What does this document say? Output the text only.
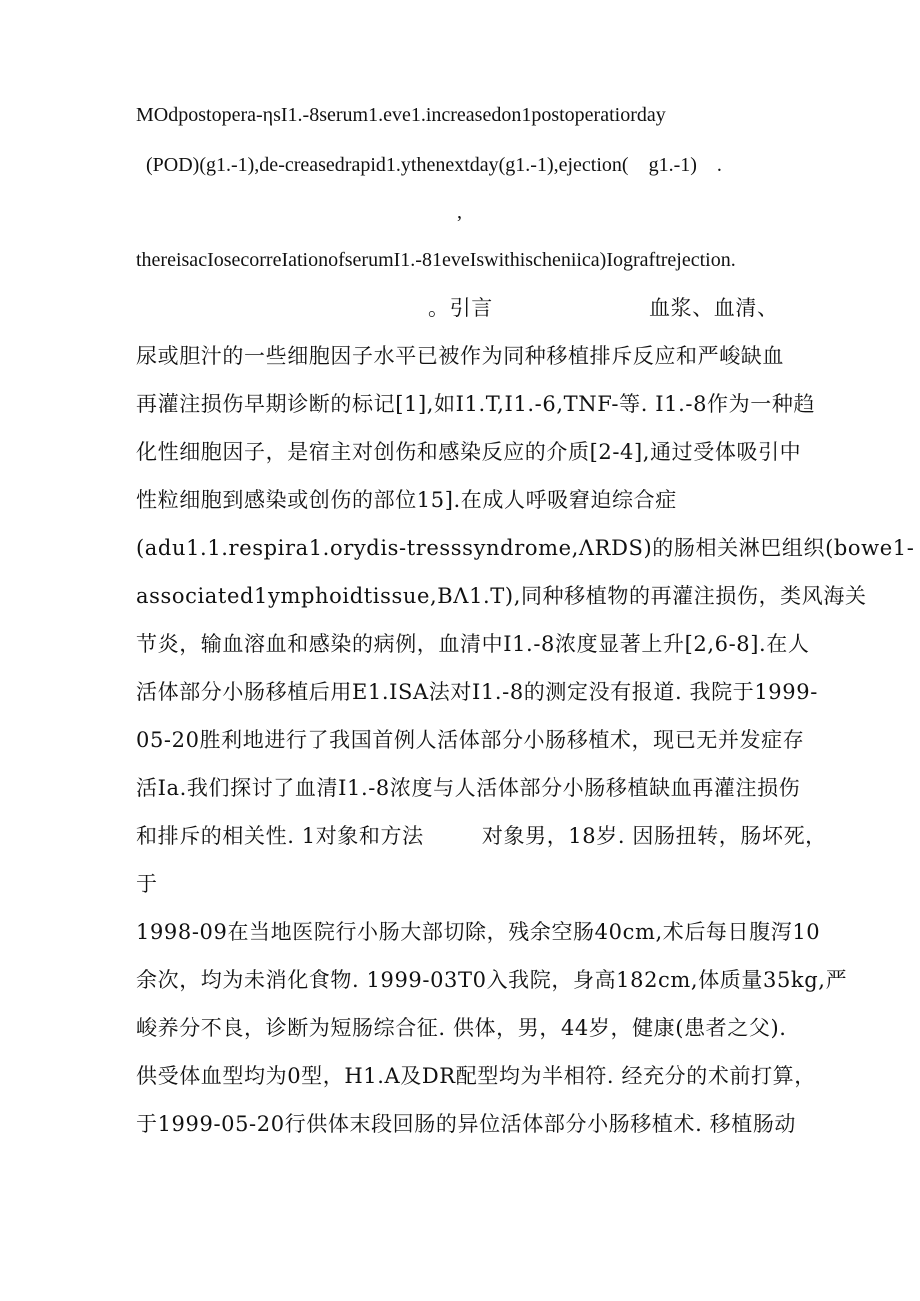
MOdpostopera-ηsI1.-8serum1.eve1.increasedon1postoperatiorday
(POD)(g1.-1),de-creasedrapid1.ythenextday(g1.-1),ejection(    g1.-1)    .
,
thereisacIosecorreIationofserumI1.-81eveIswithischeniica)Iograftrejection.
。引言	血浆、血清、
尿或胆汁的一些细胞因子水平已被作为同种移植排斥反应和严峻缺血
再灌注损伤早期诊断的标记[1],如I1.T,I1.-6,TNF-等. I1.-8作为一种趋
化性细胞因子，是宿主对创伤和感染反应的介质[2-4],通过受体吸引中
性粒细胞到感染或创伤的部位15].在成人呼吸窘迫综合症
(adu1.1.respira1.orydis-tresssyndrome,ΛRDS)的肠相关淋巴组织(bowe1-
associated1ymphoidtissue,BΛ1.T),同种移植物的再灌注损伤，类风海关
节炎，输血溶血和感染的病例，血清中I1.-8浓度显著上升[2,6-8].在人
活体部分小肠移植后用E1.ISA法对I1.-8的测定没有报道. 我院于1999-
05-20胜利地进行了我国首例人活体部分小肠移植术，现已无并发症存
活Ia.我们探讨了血清I1.-8浓度与人活体部分小肠移植缺血再灌注损伤
和排斥的相关性. 1对象和方法        对象男，18岁. 因肠扭转，肠坏死，
于
1998-09在当地医院行小肠大部切除，残余空肠40cm,术后每日腹泻10
余次，均为未消化食物. 1999-03T0入我院，身高182cm,体质量35kg,严
峻养分不良，诊断为短肠综合征. 供体，男，44岁，健康(患者之父).
供受体血型均为0型，H1.A及DR配型均为半相符. 经充分的术前打算，
于1999-05-20行供体末段回肠的异位活体部分小肠移植术. 移植肠动
